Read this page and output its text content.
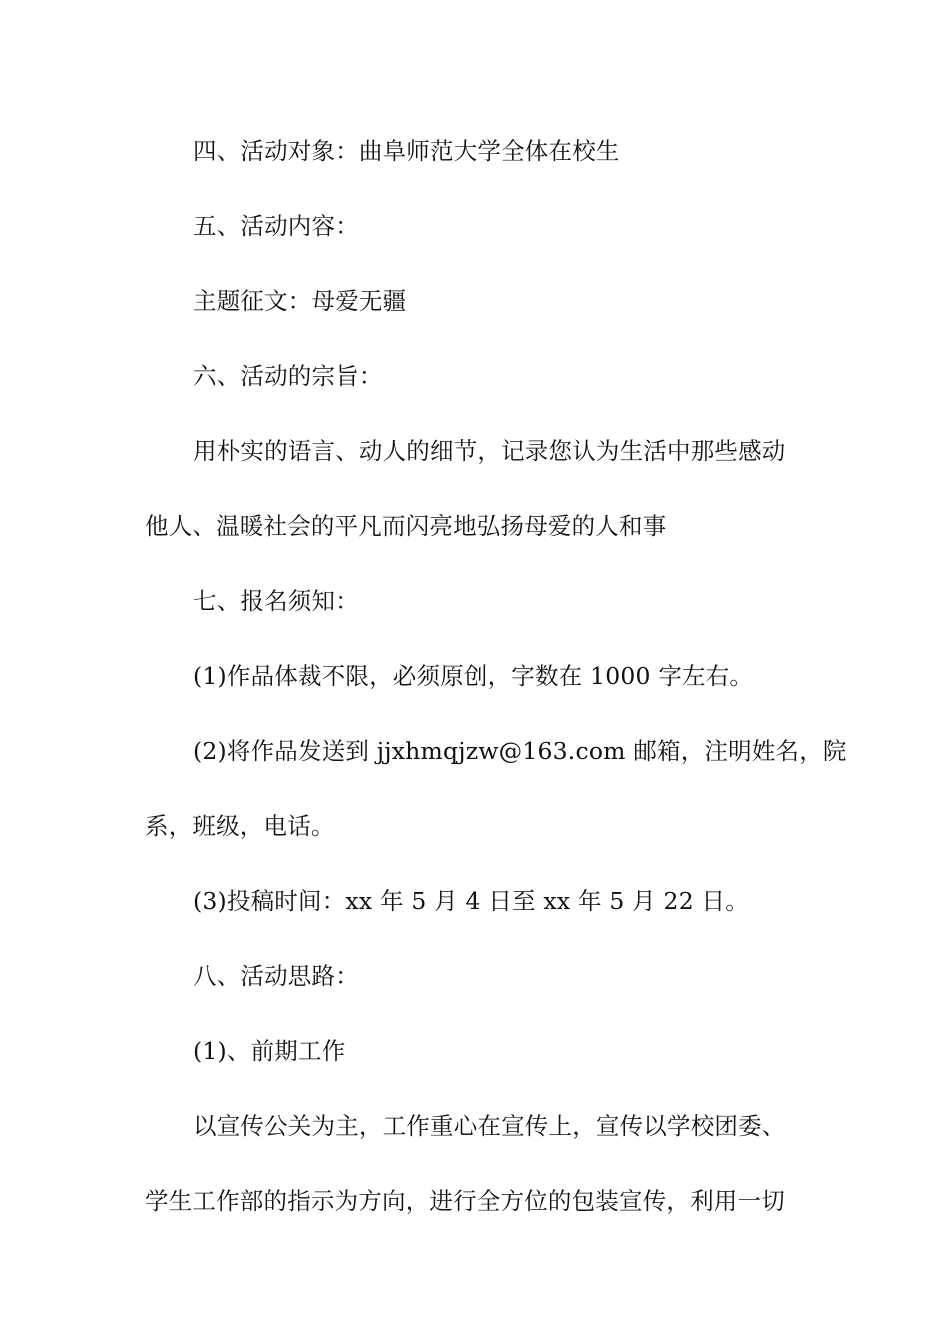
四、活动对象：曲阜师范大学全体在校生
五、活动内容：
主题征文：母爱无疆
六、活动的宗旨：
用朴实的语言、动人的细节，记录您认为生活中那些感动
他人、温暖社会的平凡而闪亮地弘扬母爱的人和事
七、报名须知：
(1)作品体裁不限，必须原创，字数在 1000 字左右。
(2)将作品发送到 jjxhmqjzw@163.com 邮箱，注明姓名，院
系，班级，电话。
(3)投稿时间：xx 年 5 月 4 日至 xx 年 5 月 22 日。
八、活动思路：
(1)、前期工作
以宣传公关为主，工作重心在宣传上，宣传以学校团委、
学生工作部的指示为方向，进行全方位的包装宣传，利用一切
